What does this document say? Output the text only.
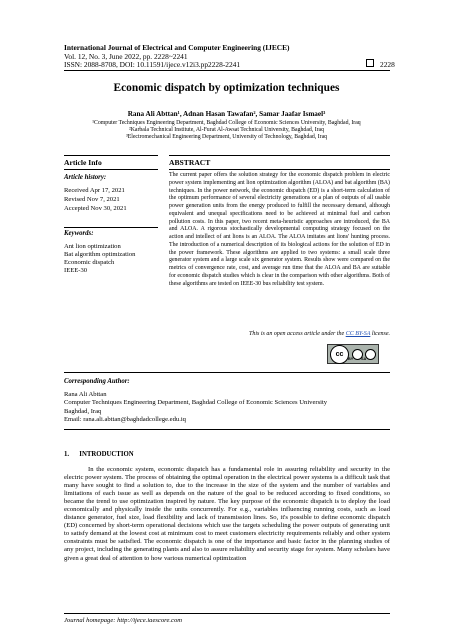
International Journal of Electrical and Computer Engineering (IJECE)
Vol. 12, No. 3, June 2022, pp. 2228~2241
ISSN: 2088-8708, DOI: 10.11591/ijece.v12i3.pp2228-2241	2228
Economic dispatch by optimization techniques
Rana Ali Abttan¹, Adnan Hasan Tawafan², Samar Jaafar Ismael³
¹Computer Techniques Engineering Department, Baghdad College of Economic Sciences University, Baghdad, Iraq
²Karbala Technical Institute, Al-Furat Al-Awsat Technical University, Baghdad, Iraq
³Electromechanical Engineering Department, University of Technology, Baghdad, Iraq
Article Info	ABSTRACT
Article history:
Received Apr 17, 2021
Revised Nov 7, 2021
Accepted Nov 30, 2021
Keywords:
Ant lion optimization
Bat algorithm optimization
Economic dispatch
IEEE-30
The current paper offers the solution strategy for the economic dispatch problem in electric power system implementing ant lion optimization algorithm (ALOA) and bat algorithm (BA) techniques. In the power network, the economic dispatch (ED) is a short-term calculation of the optimum performance of several electricity generations or a plan of outputs of all usable power generation units from the energy produced to fulfill the necessary demand, although equivalent and unequal specifications need to be achieved at minimal fuel and carbon pollution costs. In this paper, two recent meta-heuristic approaches are introduced, the BA and ALOA. A rigorous stochastically developmental computing strategy focused on the action and intellect of ant lions is an ALOA. The ALOA imitates ant lions' hunting process. The introduction of a numerical description of its biological actions for the solution of ED in the power framework. These algorithms are applied to two systems: a small scale three generator system and a large scale six generator system. Results show were compared on the metrics of convergence rate, cost, and average run time that the ALOA and BA are suitable for economic dispatch studies which is clear in the comparison with other algorithms. Both of these algorithms are tested on IEEE-30 bus reliability test system.
This is an open access article under the CC BY-SA license.
cc
BY SA
Corresponding Author:
Rana Ali Abttan
Computer Techniques Engineering Department, Baghdad College of Economic Sciences University
Baghdad, Iraq
Email: rana.ali.abttan@baghdadcollege.edu.iq
1.      INTRODUCTION
In the economic system, economic dispatch has a fundamental role in assuring reliability and security in the electric power system. The process of obtaining the optimal operation in the electrical power systems is a difficult task that many have sought to find a solution to, due to the increase in the size of the system and the number of variables and limitations of each issue as well as depends on the nature of the goal to be reduced according to fixed conditions, so became the trend to use optimization inspired by nature. The key purpose of the economic dispatch is to deploy the load economically and physically inside the units concurrently. For e.g., variables influencing running costs, such as load distance generator, fuel size, load flexibility and lack of transmission lines. So, it's possible to define economic dispatch (ED) concerned by short-term operational decisions which use the targets scheduling the power outputs of generating unit to satisfy demand at the lowest cost at minimum cost to meet customers electricity requirements reliably and other system constraints must be satisfied. The economic dispatch is one of the importance and basic factor in the planning studies of any project, including the generating plants and also to assure reliability and security stage for system. Many scholars have given a great deal of attention to how various numerical optimization
Journal homepage: http://ijece.iaescore.com
